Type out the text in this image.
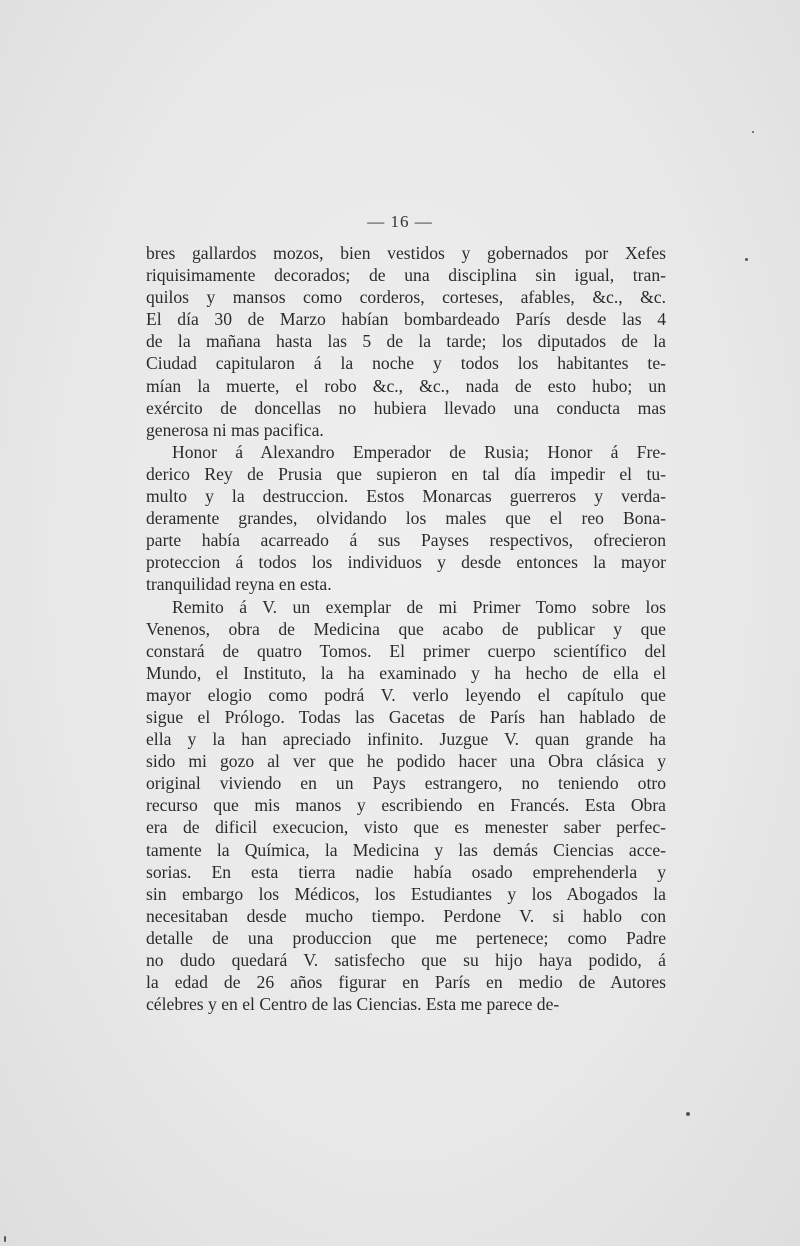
— 16 —
bres gallardos mozos, bien vestidos y gobernados por Xefes
riquisimamente decorados; de una disciplina sin igual, tran-
quilos y mansos como corderos, corteses, afables, &c., &c.
El día 30 de Marzo habían bombardeado París desde las 4
de la mañana hasta las 5 de la tarde; los diputados de la
Ciudad capitularon á la noche y todos los habitantes te-
mían la muerte, el robo &c., &c., nada de esto hubo; un
exército de doncellas no hubiera llevado una conducta mas
generosa ni mas pacifica.
Honor á Alexandro Emperador de Rusia; Honor á Fre-
derico Rey de Prusia que supieron en tal día impedir el tu-
multo y la destruccion. Estos Monarcas guerreros y verda-
deramente grandes, olvidando los males que el reo Bona-
parte había acarreado á sus Payses respectivos, ofrecieron
proteccion á todos los individuos y desde entonces la mayor
tranquilidad reyna en esta.
Remito á V. un exemplar de mi Primer Tomo sobre los
Venenos, obra de Medicina que acabo de publicar y que
constará de quatro Tomos. El primer cuerpo scientífico del
Mundo, el Instituto, la ha examinado y ha hecho de ella el
mayor elogio como podrá V. verlo leyendo el capítulo que
sigue el Prólogo. Todas las Gacetas de París han hablado de
ella y la han apreciado infinito. Juzgue V. quan grande ha
sido mi gozo al ver que he podido hacer una Obra clásica y
original viviendo en un Pays estrangero, no teniendo otro
recurso que mis manos y escribiendo en Francés. Esta Obra
era de dificil execucion, visto que es menester saber perfec-
tamente la Química, la Medicina y las demás Ciencias acce-
sorias. En esta tierra nadie había osado emprehenderla y
sin embargo los Médicos, los Estudiantes y los Abogados la
necesitaban desde mucho tiempo. Perdone V. si hablo con
detalle de una produccion que me pertenece; como Padre
no dudo quedará V. satisfecho que su hijo haya podido, á
la edad de 26 años figurar en París en medio de Autores
célebres y en el Centro de las Ciencias. Esta me parece de-
